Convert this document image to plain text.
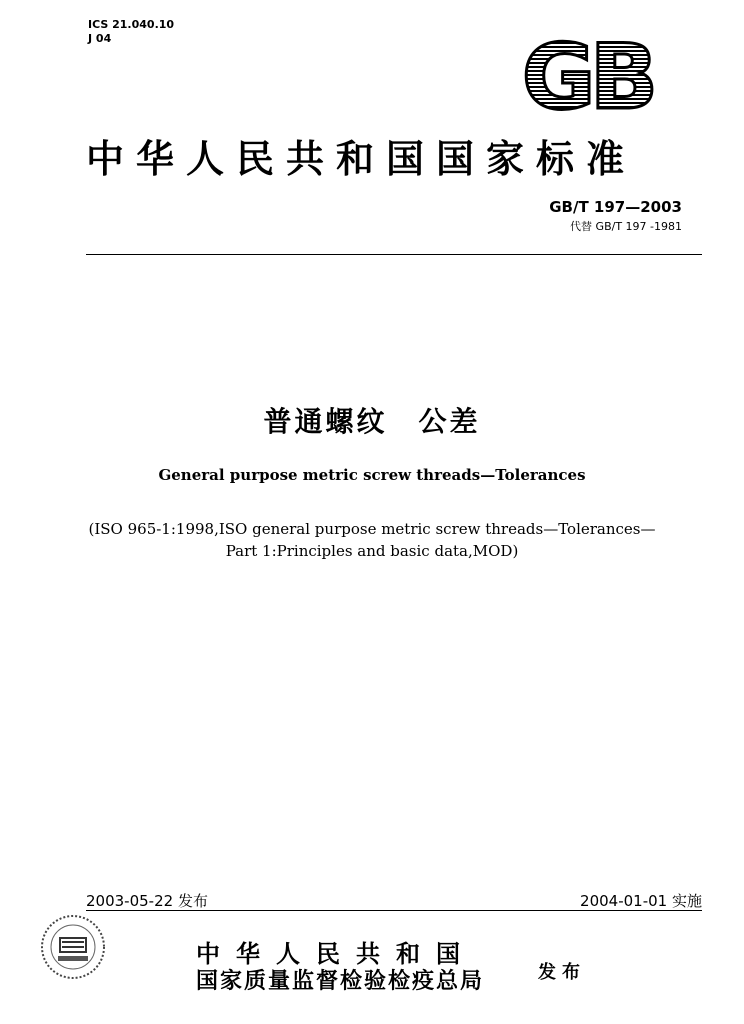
ICS 21.040.10
J 04	GB
中华人民共和国国家标准
GB/T 197—2003
代替 GB/T 197 -1981
普通螺纹　公差
General purpose metric screw threads—Tolerances
(ISO 965-1:1998,ISO general purpose metric screw threads—Tolerances—
Part 1:Principles and basic data,MOD)
2003-05-22 发布	2004-01-01 实施
中华人民共和国
国家质量监督检验检疫总局	发布
